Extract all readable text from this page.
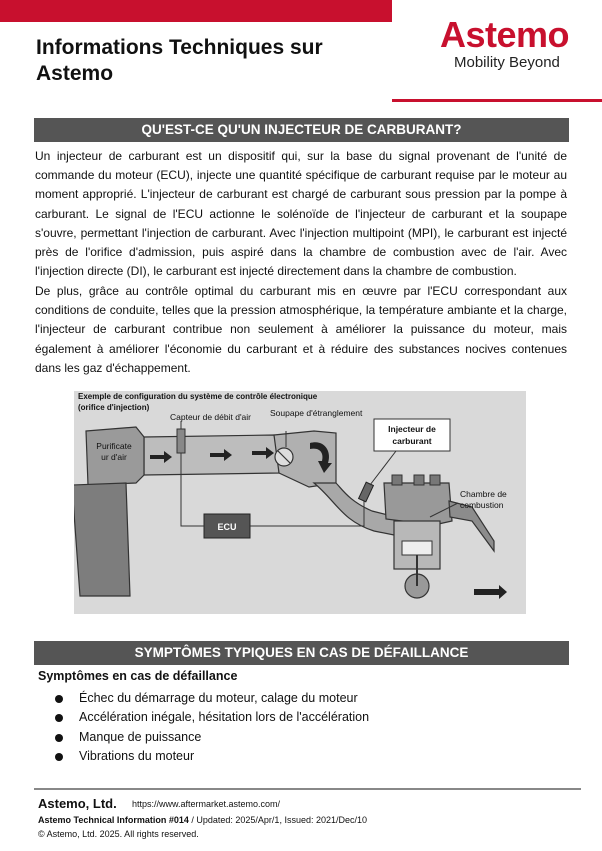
Informations Techniques sur Astemo
Astemo
Mobility Beyond
QU'EST-CE QU'UN INJECTEUR DE CARBURANT?

Un injecteur de carburant est un dispositif qui, sur la base du signal provenant de l'unité de commande du moteur (ECU), injecte une quantité spécifique de carburant requise par le moteur au moment approprié. L'injecteur de carburant est chargé de carburant sous pression par la pompe à carburant. Le signal de l'ECU actionne le solénoïde de l'injecteur de carburant et la soupape s'ouvre, permettant l'injection de carburant. Avec l'injection multipoint (MPI), le carburant est injecté près de l'orifice d'admission, puis aspiré dans la chambre de combustion avec de l'air. Avec l'injection directe (DI), le carburant est injecté directement dans la chambre de combustion.

De plus, grâce au contrôle optimal du carburant mis en œuvre par l'ECU correspondant aux conditions de conduite, telles que la pression atmosphérique, la température ambiante et la charge, l'injecteur de carburant contribue non seulement à améliorer la puissance du moteur, mais également à améliorer l'économie du carburant et à réduire des substances nocives contenues dans les gaz d'échappement.

Exemple de configuration du système de contrôle électronique
(orifice d'injection)
Purificate
ur d'air
Capteur de débit d'air Soupape d'étranglement
ECU
Injecteur de
carburant
Chambre de
combustion
SYMPTÔMES TYPIQUES EN CAS DE DÉFAILLANCE
Symptômes en cas de défaillance
Échec du démarrage du moteur, calage du moteur
Accélération inégale, hésitation lors de l'accélération
Manque de puissance
Vibrations du moteur
Astemo, Ltd. https://www.aftermarket.astemo.com/
Astemo Technical Information #014 / Updated: 2025/Apr/1, Issued: 2021/Dec/10
© Astemo, Ltd. 2025. All rights reserved.
